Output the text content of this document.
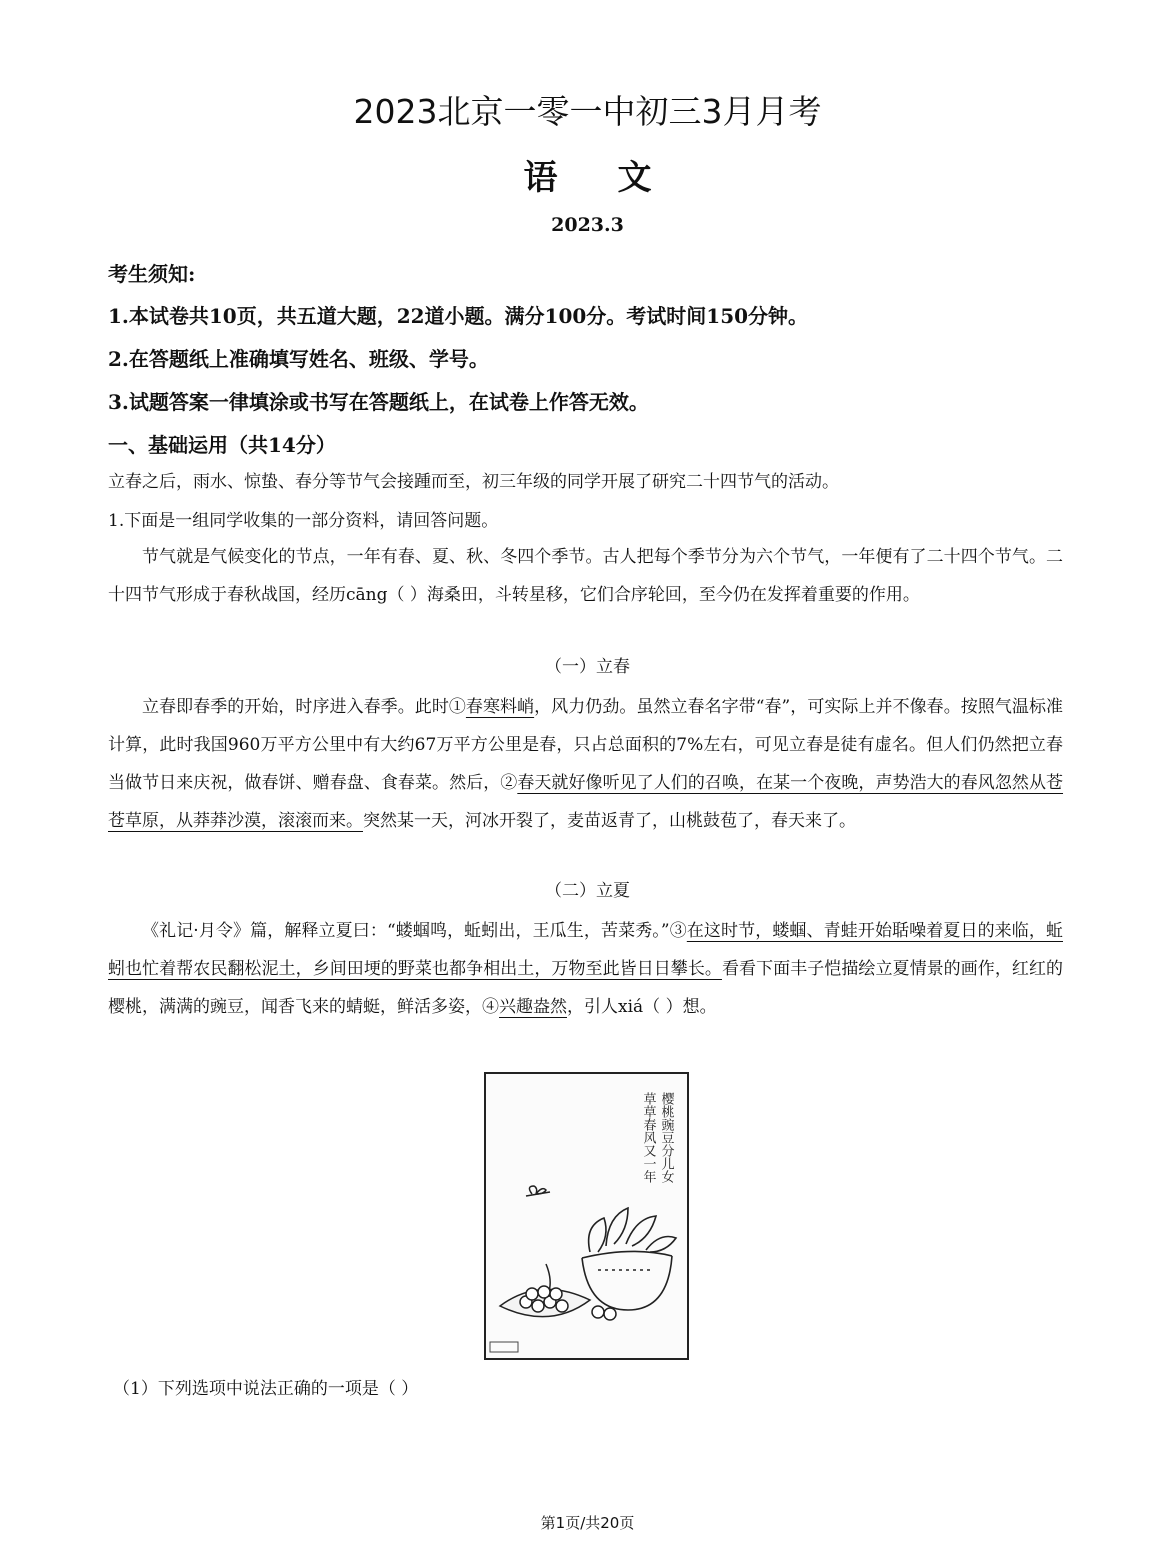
2023北京一零一中初三3月月考
语文
2023.3
考生须知:
1.本试卷共10页，共五道大题，22道小题。满分100分。考试时间150分钟。
2.在答题纸上准确填写姓名、班级、学号。
3.试题答案一律填涂或书写在答题纸上，在试卷上作答无效。
一、基础运用（共14分）
立春之后，雨水、惊蛰、春分等节气会接踵而至，初三年级的同学开展了研究二十四节气的活动。
1.下面是一组同学收集的一部分资料，请回答问题。
节气就是气候变化的节点，一年有春、夏、秋、冬四个季节。古人把每个季节分为六个节气，一年便有了二十四个节气。二十四节气形成于春秋战国，经历cāng（ ）海桑田，斗转星移，它们合序轮回，至今仍在发挥着重要的作用。
（一）立春
立春即春季的开始，时序进入春季。此时①春寒料峭，风力仍劲。虽然立春名字带“春”，可实际上并不像春。按照气温标准计算，此时我国960万平方公里中有大约67万平方公里是春，只占总面积的7%左右，可见立春是徒有虚名。但人们仍然把立春当做节日来庆祝，做春饼、赠春盘、食春菜。然后，②春天就好像听见了人们的召唤，在某一个夜晚，声势浩大的春风忽然从苍苍草原，从莽莽沙漠，滚滚而来。突然某一天，河冰开裂了，麦苗返青了，山桃鼓苞了，春天来了。
（二）立夏
《礼记·月令》篇，解释立夏曰：“蝼蝈鸣，蚯蚓出，王瓜生，苦菜秀。”③在这时节，蝼蝈、青蛙开始聒噪着夏日的来临，蚯蚓也忙着帮农民翻松泥土，乡间田埂的野菜也都争相出土，万物至此皆日日攀长。看看下面丰子恺描绘立夏情景的画作，红红的樱桃，满满的豌豆，闻香飞来的蜻蜓，鲜活多姿，④兴趣盎然，引人xiá（ ）想。
樱桃豌豆分儿女
草草春风又一年
（1）下列选项中说法正确的一项是（ ）
第1页/共20页
